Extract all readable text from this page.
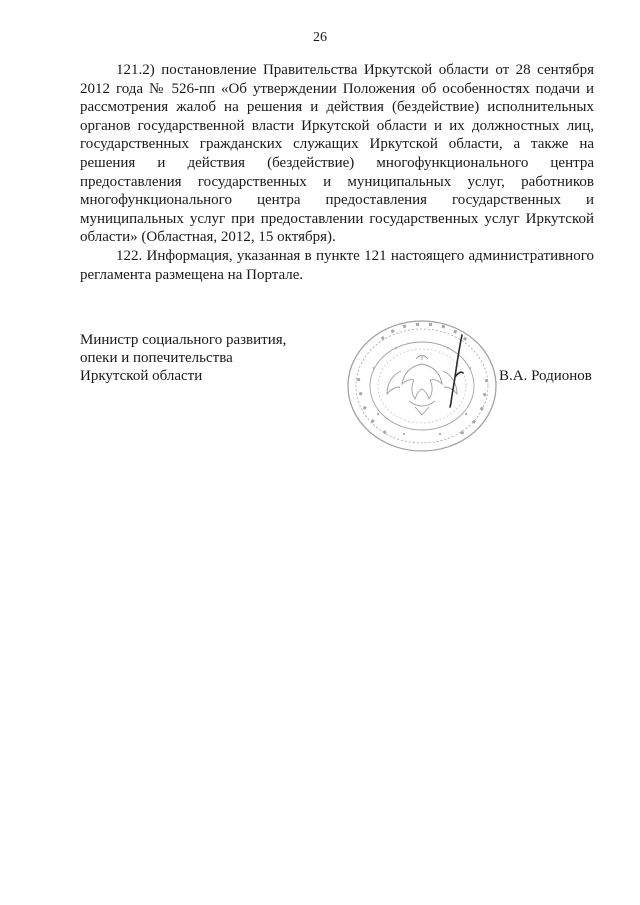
26

121.2) постановление Правительства Иркутской области от 28 сентября 2012 года № 526-пп «Об утверждении Положения об особенностях подачи и рассмотрения жалоб на решения и действия (бездействие) исполнительных органов государственной власти Иркутской области и их должностных лиц, государственных гражданских служащих Иркутской области, а также на решения и действия (бездействие) многофункционального центра предоставления государственных и муниципальных услуг, работников многофункционального центра предоставления государственных и муниципальных услуг при предоставлении государственных услуг Иркутской области» (Областная, 2012, 15 октября).

122. Информация, указанная в пункте 121 настоящего административного регламента размещена на Портале.

Министр социального развития,
опеки и попечительства
Иркутской области	В.А. Родионов
